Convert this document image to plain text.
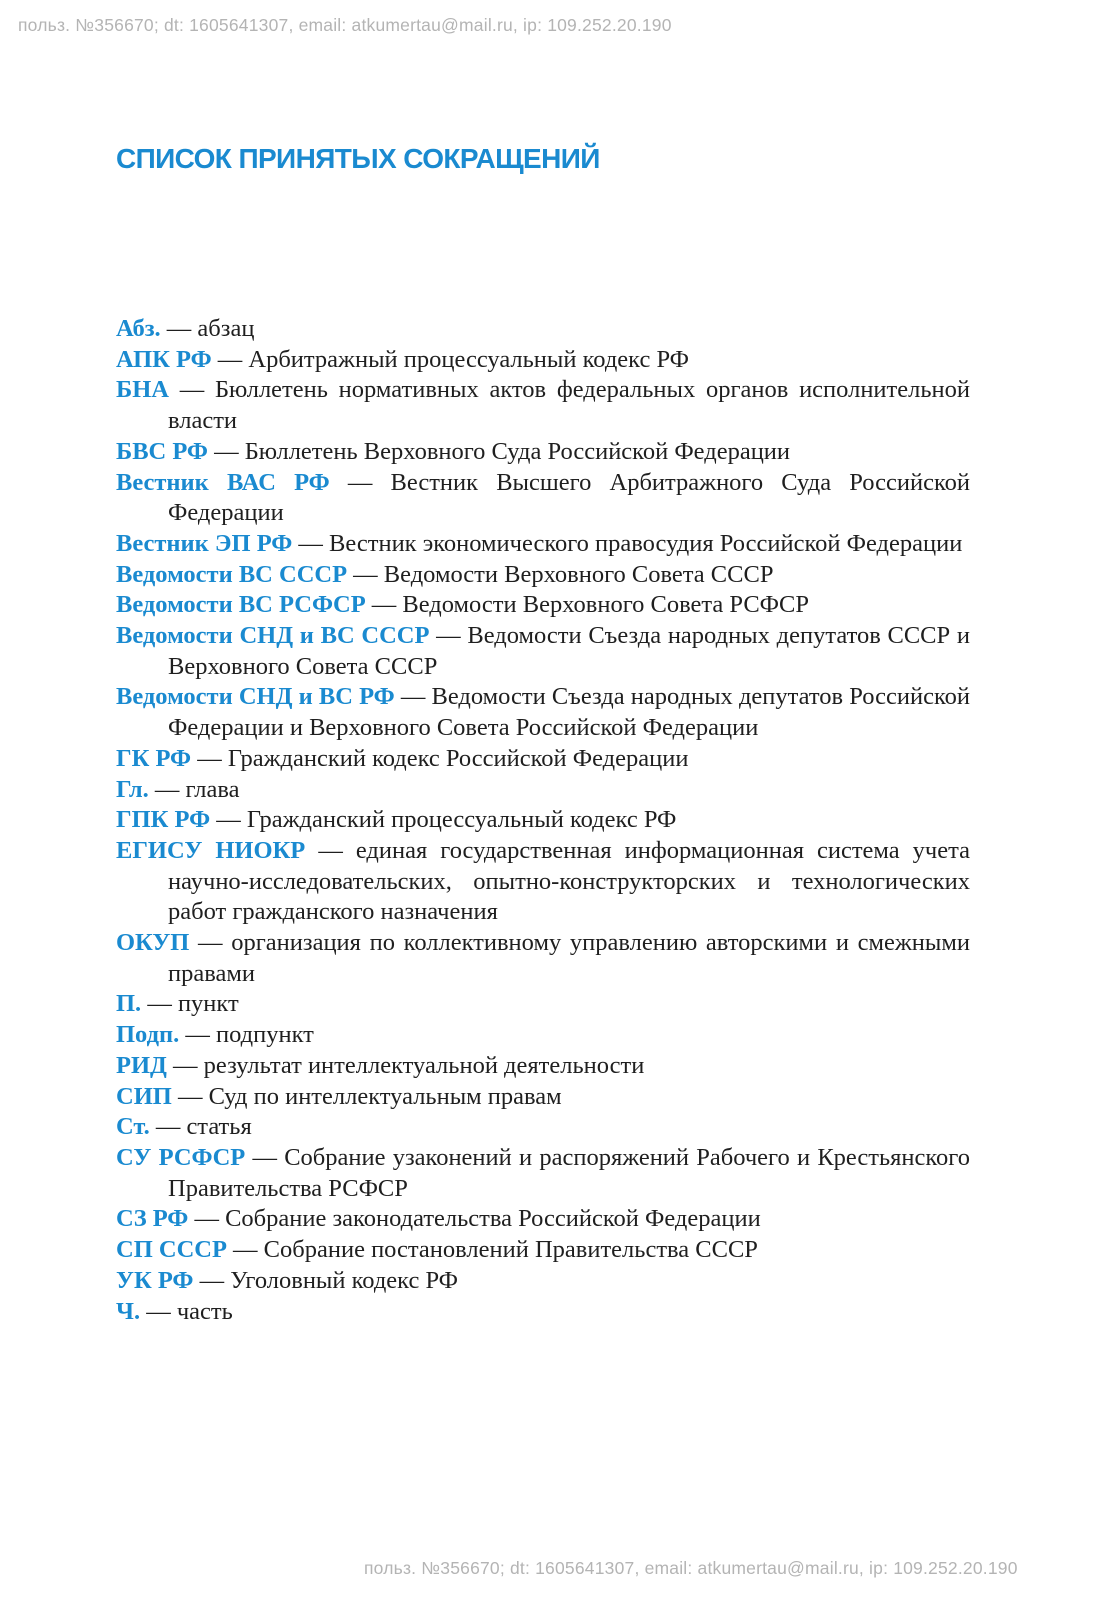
польз. №356670; dt: 1605641307, email: atkumertau@mail.ru, ip: 109.252.20.190
СПИСОК ПРИНЯТЫХ СОКРАЩЕНИЙ
Абз. — абзац
АПК РФ — Арбитражный процессуальный кодекс РФ
БНА — Бюллетень нормативных актов федеральных органов исполнительной власти
БВС РФ — Бюллетень Верховного Суда Российской Федерации
Вестник ВАС РФ — Вестник Высшего Арбитражного Суда Российской Федерации
Вестник ЭП РФ — Вестник экономического правосудия Российской Федерации
Ведомости ВС СССР — Ведомости Верховного Совета СССР
Ведомости ВС РСФСР — Ведомости Верховного Совета РСФСР
Ведомости СНД и ВС СССР — Ведомости Съезда народных депутатов СССР и Верховного Совета СССР
Ведомости СНД и ВС РФ — Ведомости Съезда народных депутатов Российской Федерации и Верховного Совета Российской Федерации
ГК РФ — Гражданский кодекс Российской Федерации
Гл. — глава
ГПК РФ — Гражданский процессуальный кодекс РФ
ЕГИСУ НИОКР — единая государственная информационная система учета научно-исследовательских, опытно-конструкторских и технологических работ гражданского назначения
ОКУП — организация по коллективному управлению авторскими и смежными правами
П. — пункт
Подп. — подпункт
РИД — результат интеллектуальной деятельности
СИП — Суд по интеллектуальным правам
Ст. — статья
СУ РСФСР — Собрание узаконений и распоряжений Рабочего и Крестьянского Правительства РСФСР
СЗ РФ — Собрание законодательства Российской Федерации
СП СССР — Собрание постановлений Правительства СССР
УК РФ — Уголовный кодекс РФ
Ч. — часть
польз. №356670; dt: 1605641307, email: atkumertau@mail.ru, ip: 109.252.20.190
